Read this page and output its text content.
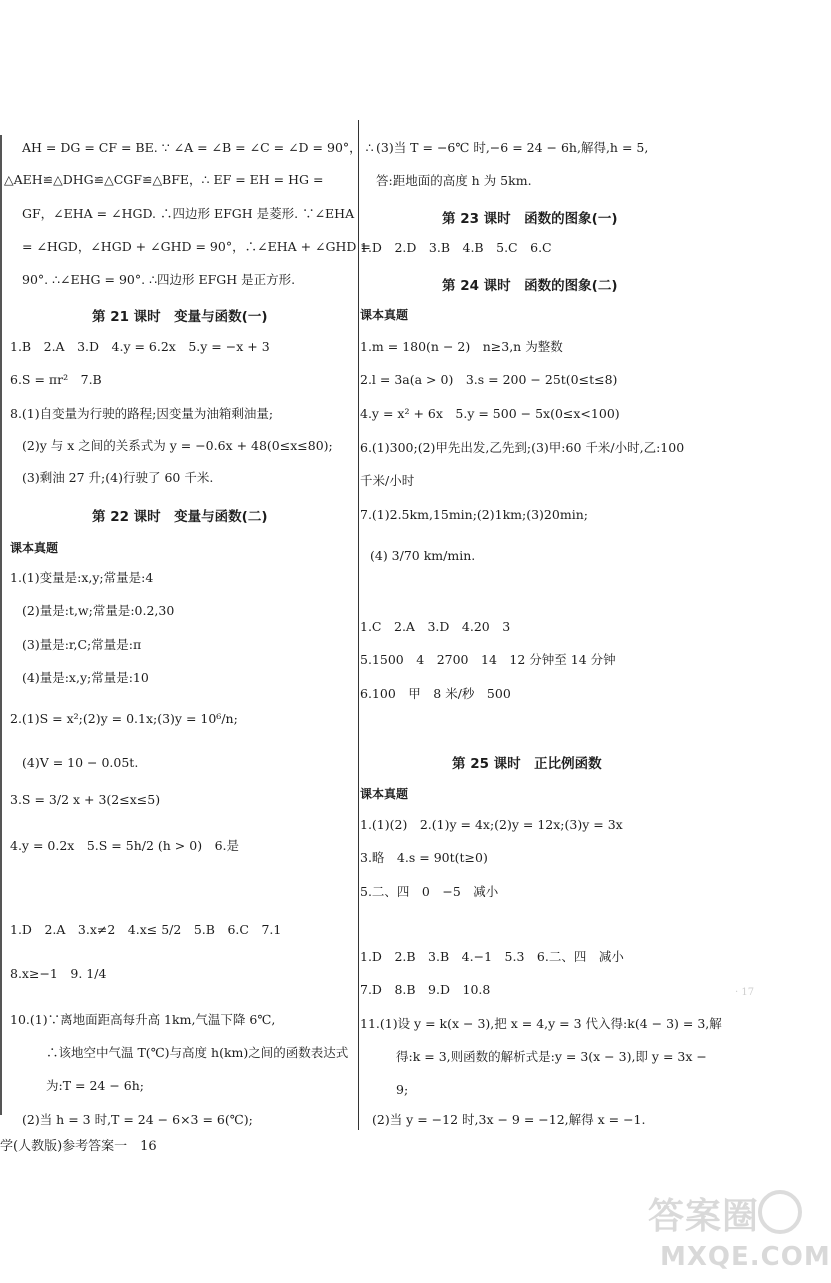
AH = DG = CF = BE. ∵ ∠A = ∠B = ∠C = ∠D = 90°， ∴
△AEH≌△DHG≌△CGF≌△BFE，∴ EF = EH = HG =
GF，∠EHA = ∠HGD. ∴四边形 EFGH 是菱形. ∵∠EHA
= ∠HGD，∠HGD + ∠GHD = 90°，∴∠EHA + ∠GHD =
90°. ∴∠EHG = 90°. ∴四边形 EFGH 是正方形.
第 21 课时　变量与函数(一)
1.B　2.A　3.D　4.y = 6.2x　5.y = −x + 3
6.S = πr²　7.B
8.(1)自变量为行驶的路程;因变量为油箱剩油量;
(2)y 与 x 之间的关系式为 y = −0.6x + 48(0≤x≤80);
(3)剩油 27 升;(4)行驶了 60 千米.
第 22 课时　变量与函数(二)
课本真题
1.(1)变量是:x,y;常量是:4
(2)量是:t,w;常量是:0.2,30
(3)量是:r,C;常量是:π
(4)量是:x,y;常量是:10
2.(1)S = x²;(2)y = 0.1x;(3)y = 10⁶/n;
(4)V = 10 − 0.05t.
3.S = 3/2 x + 3(2≤x≤5)
4.y = 0.2x　5.S = 5h/2 (h > 0)　6.是
1.D　2.A　3.x≠2　4.x≤ 5/2　5.B　6.C　7.1
8.x≥−1　9. 1/4
10.(1)∵离地面距高每升高 1km,气温下降 6℃,
∴该地空中气温 T(℃)与高度 h(km)之间的函数表达式
为:T = 24 − 6h;
(2)当 h = 3 时,T = 24 − 6×3 = 6(℃);
学(人教版)参考答案一　16
(3)当 T = −6℃ 时,−6 = 24 − 6h,解得,h = 5,
答:距地面的高度 h 为 5km.
第 23 课时　函数的图象(一)
1.D　2.D　3.B　4.B　5.C　6.C
第 24 课时　函数的图象(二)
课本真题
1.m = 180(n − 2)　n≥3,n 为整数
2.l = 3a(a > 0)　3.s = 200 − 25t(0≤t≤8)
4.y = x² + 6x　5.y = 500 − 5x(0≤x<100)
6.(1)300;(2)甲先出发,乙先到;(3)甲:60 千米/小时,乙:100
千米/小时
7.(1)2.5km,15min;(2)1km;(3)20min;
(4) 3/70 km/min.
1.C　2.A　3.D　4.20　3
5.1500　4　2700　14　12 分钟至 14 分钟
6.100　甲　8 米/秒　500
第 25 课时　正比例函数
课本真题
1.(1)(2)　2.(1)y = 4x;(2)y = 12x;(3)y = 3x
3.略　4.s = 90t(t≥0)
5.二、四　0　−5　减小
1.D　2.B　3.B　4.−1　5.3　6.二、四　减小
7.D　8.B　9.D　10.8
11.(1)设 y = k(x − 3),把 x = 4,y = 3 代入得:k(4 − 3) = 3,解
得:k = 3,则函数的解析式是:y = 3(x − 3),即 y = 3x −
9;
(2)当 y = −12 时,3x − 9 = −12,解得 x = −1.
· 17
答案圈
MXQE.COM
